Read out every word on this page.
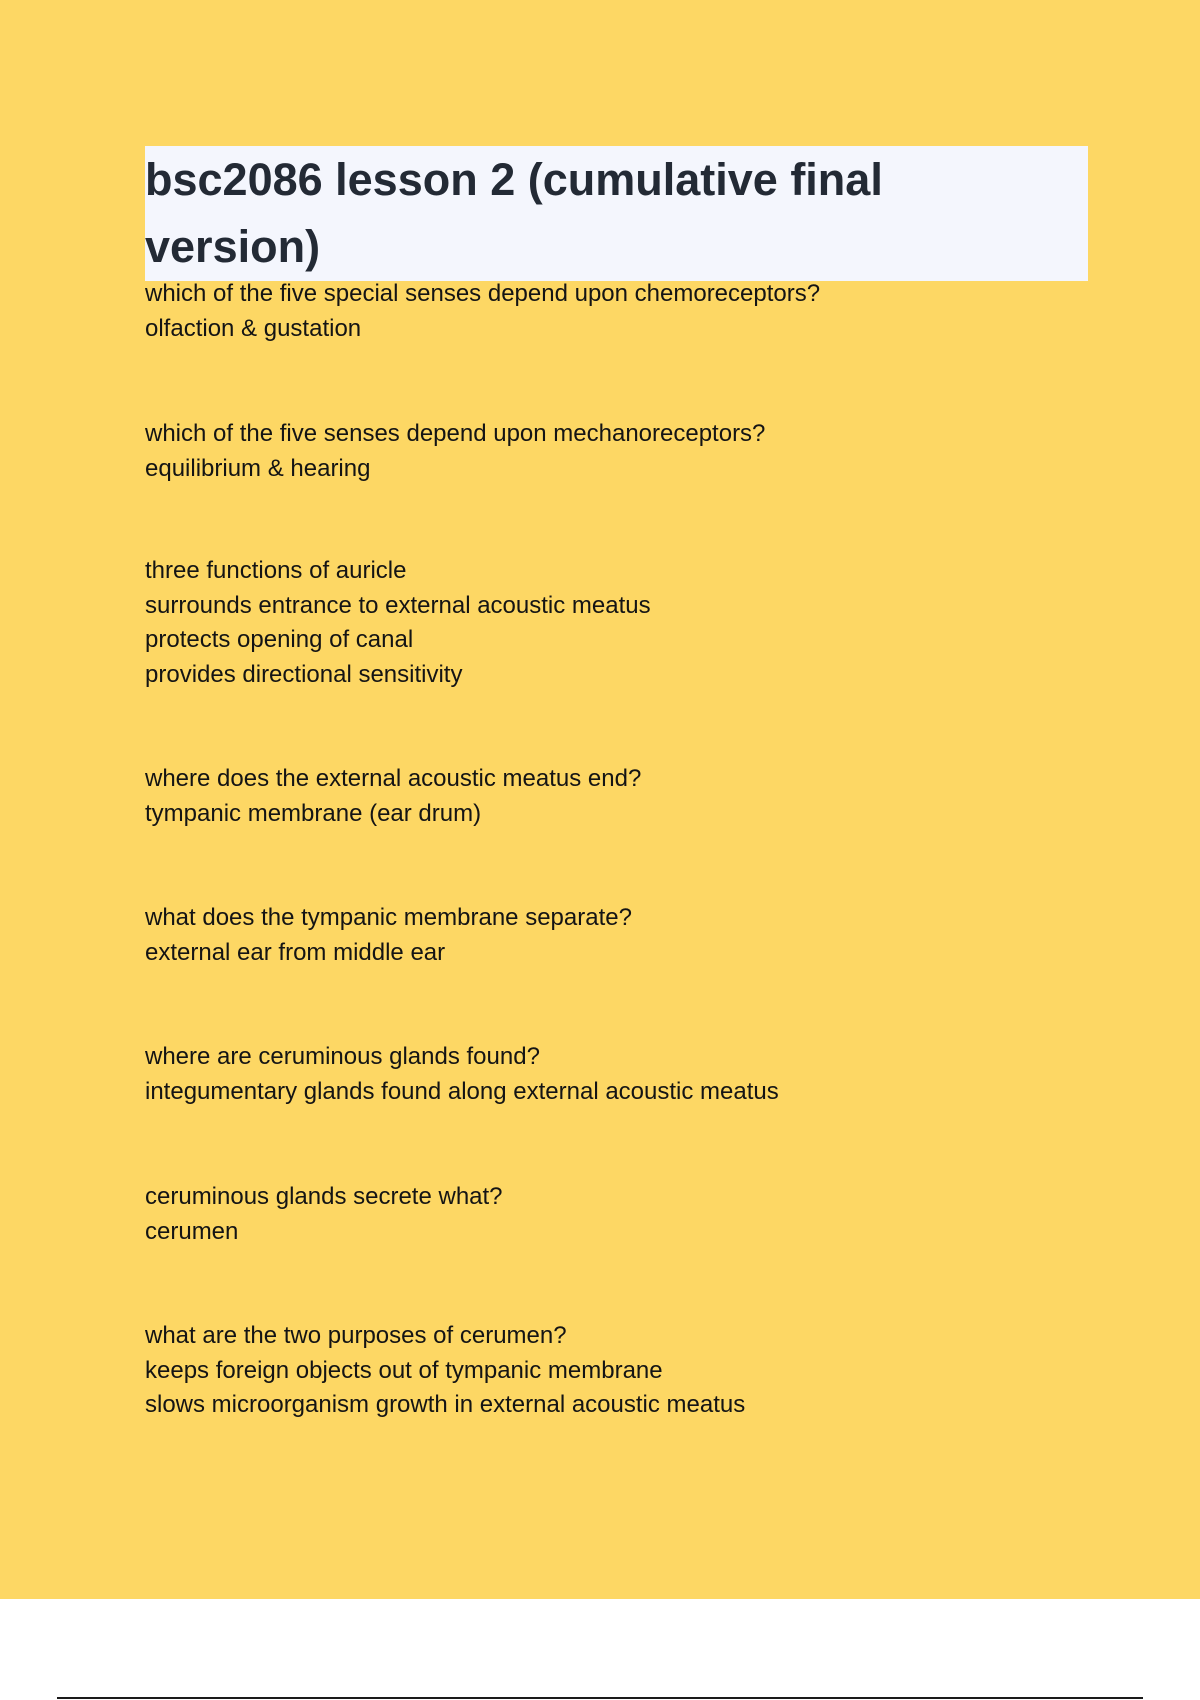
bsc2086 lesson 2 (cumulative final
version)
which of the five special senses depend upon chemoreceptors?
olfaction & gustation
which of the five senses depend upon mechanoreceptors?
equilibrium & hearing
three functions of auricle
surrounds entrance to external acoustic meatus
protects opening of canal
provides directional sensitivity
where does the external acoustic meatus end?
tympanic membrane (ear drum)
what does the tympanic membrane separate?
external ear from middle ear
where are ceruminous glands found?
integumentary glands found along external acoustic meatus
ceruminous glands secrete what?
cerumen
what are the two purposes of cerumen?
keeps foreign objects out of tympanic membrane
slows microorganism growth in external acoustic meatus
